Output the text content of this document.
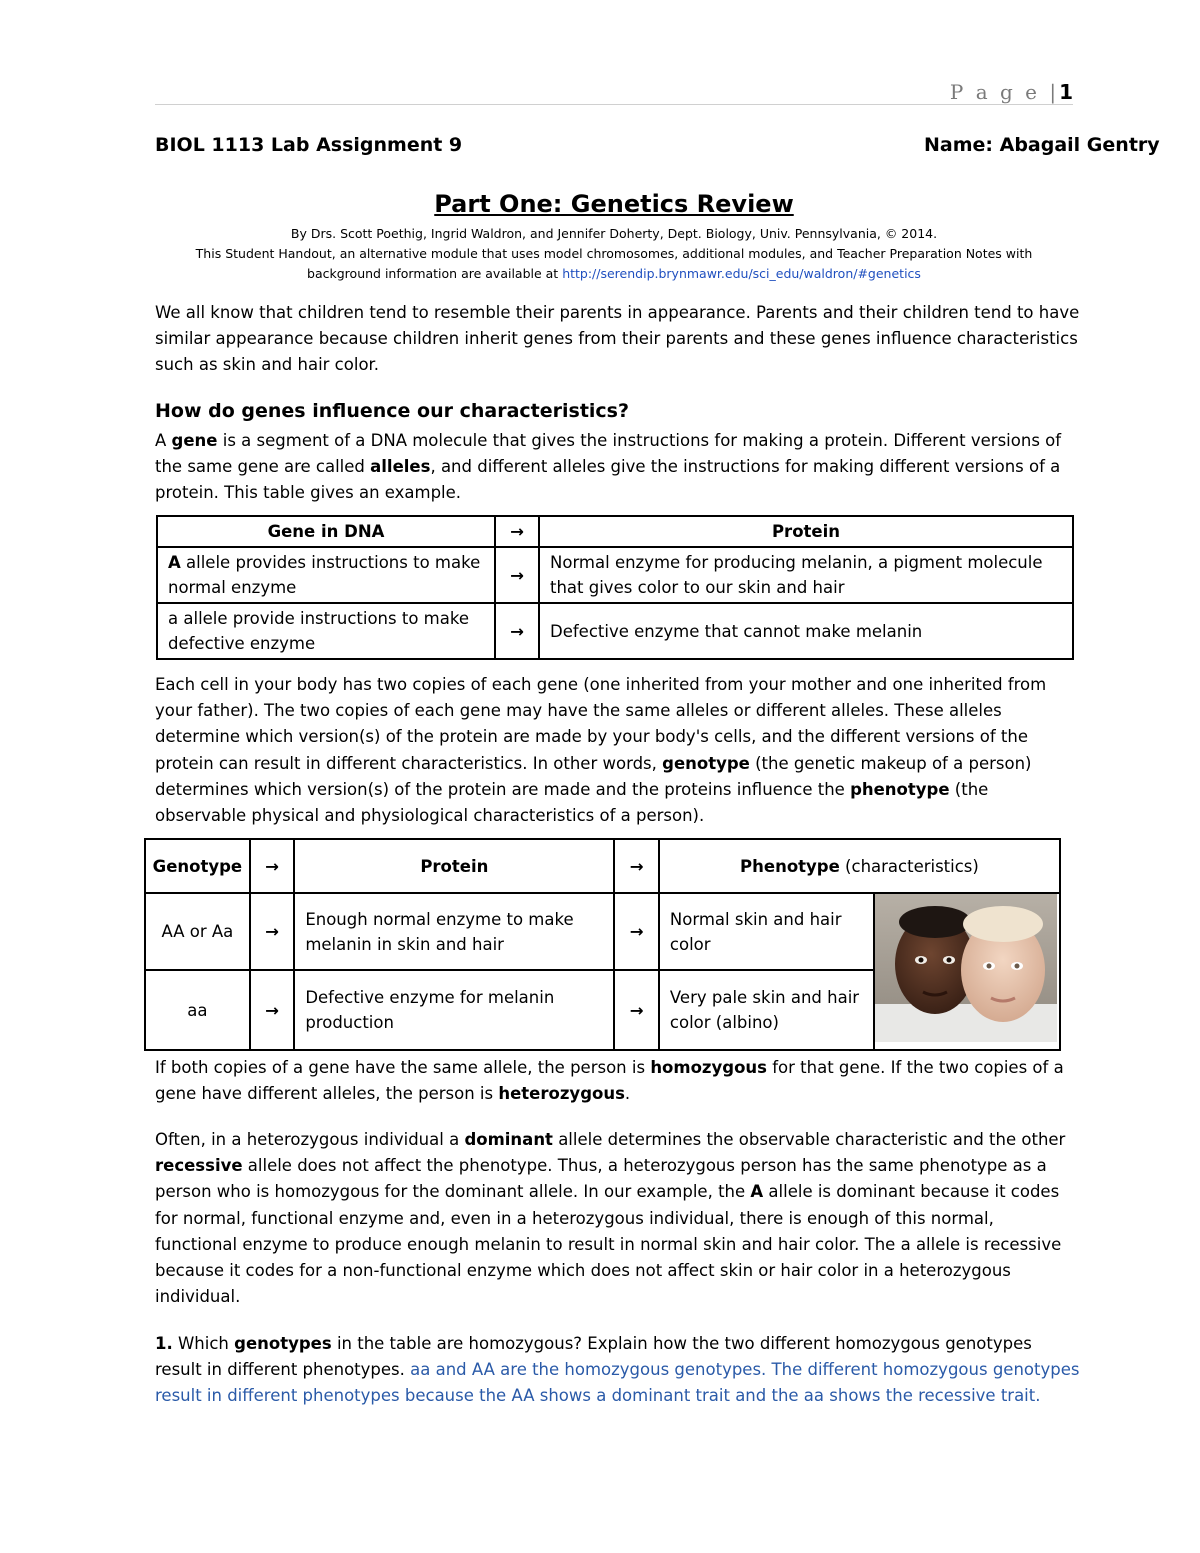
P a g e |1
BIOL 1113 Lab Assignment 9	Name: Abagail Gentry
Part One: Genetics Review
By Drs. Scott Poethig, Ingrid Waldron, and Jennifer Doherty, Dept. Biology, Univ. Pennsylvania, © 2014.
This Student Handout, an alternative module that uses model chromosomes, additional modules, and Teacher Preparation Notes with
background information are available at http://serendip.brynmawr.edu/sci_edu/waldron/#genetics

We all know that children tend to resemble their parents in appearance. Parents and their children tend to have similar appearance because children inherit genes from their parents and these genes influence characteristics such as skin and hair color.

How do genes influence our characteristics?

A gene is a segment of a DNA molecule that gives the instructions for making a protein. Different versions of the same gene are called alleles, and different alleles give the instructions for making different versions of a protein. This table gives an example.

Gene in DNA	→	Protein
A allele provides instructions to make normal enzyme	→	Normal enzyme for producing melanin, a pigment molecule that gives color to our skin and hair
a allele provide instructions to make defective enzyme	→	Defective enzyme that cannot make melanin

Each cell in your body has two copies of each gene (one inherited from your mother and one inherited from your father). The two copies of each gene may have the same alleles or different alleles. These alleles determine which version(s) of the protein are made by your body's cells, and the different versions of the protein can result in different characteristics. In other words, genotype (the genetic makeup of a person) determines which version(s) of the protein are made and the proteins influence the phenotype (the observable physical and physiological characteristics of a person).

Genotype	→	Protein	→	Phenotype (characteristics)	
AA or Aa	→	Enough normal enzyme to make melanin in skin and hair	→	Normal skin and hair color	
aa	→	Defective enzyme for melanin production	→	Very pale skin and hair color (albino)	

If both copies of a gene have the same allele, the person is homozygous for that gene. If the two copies of a gene have different alleles, the person is heterozygous.

Often, in a heterozygous individual a dominant allele determines the observable characteristic and the other recessive allele does not affect the phenotype. Thus, a heterozygous person has the same phenotype as a person who is homozygous for the dominant allele. In our example, the A allele is dominant because it codes for normal, functional enzyme and, even in a heterozygous individual, there is enough of this normal, functional enzyme to produce enough melanin to result in normal skin and hair color. The a allele is recessive because it codes for a non-functional enzyme which does not affect skin or hair color in a heterozygous individual.

1. Which genotypes in the table are homozygous? Explain how the two different homozygous genotypes result in different phenotypes. aa and AA are the homozygous genotypes. The different homozygous genotypes result in different phenotypes because the AA shows a dominant trait and the aa shows the recessive trait.
